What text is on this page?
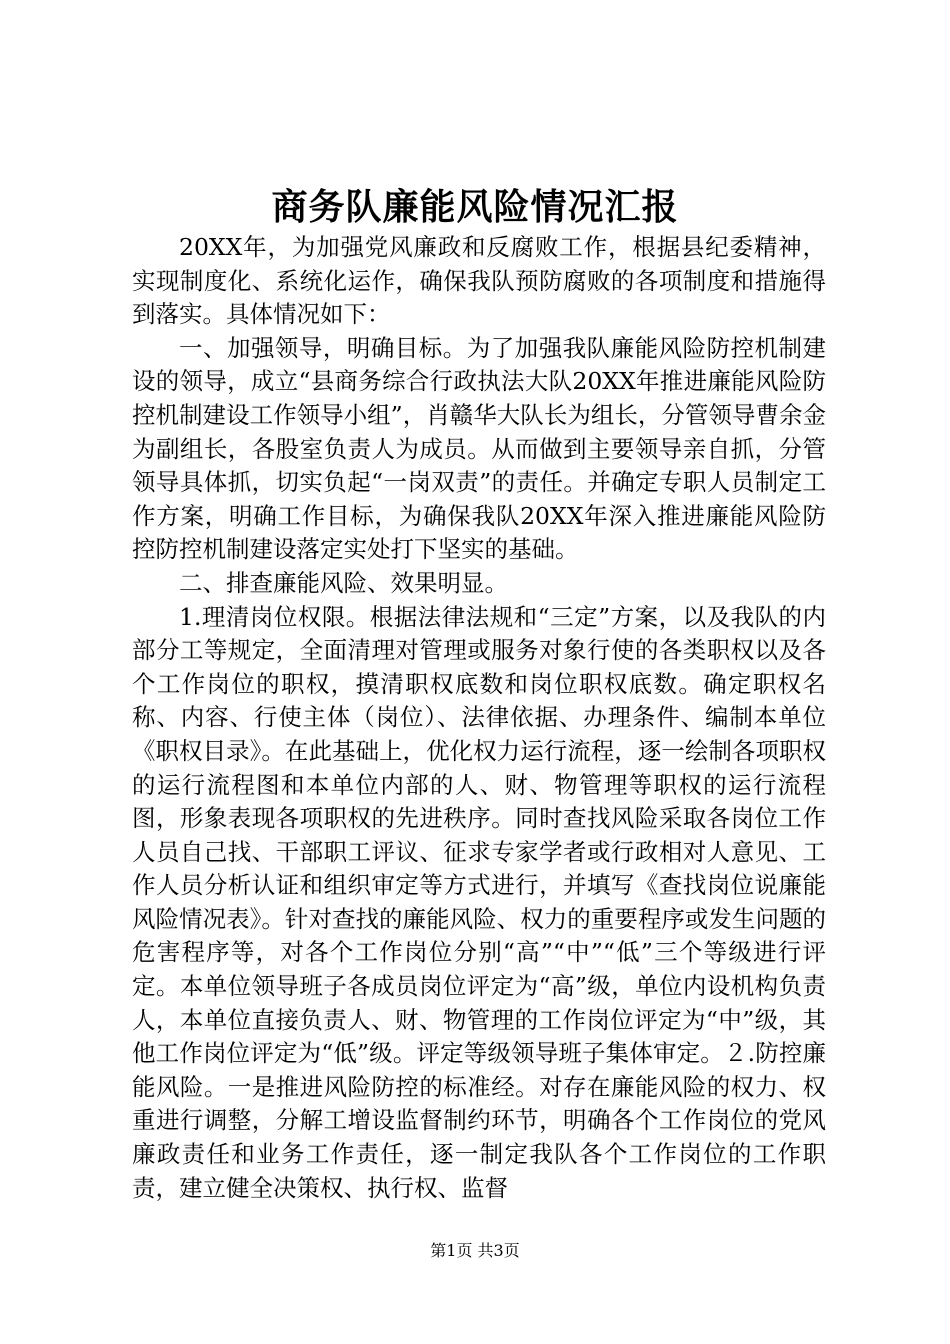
商务队廉能风险情况汇报

20XX年，为加强党风廉政和反腐败工作，根据县纪委精神，实现制度化、系统化运作，确保我队预防腐败的各项制度和措施得到落实。具体情况如下：

一、加强领导，明确目标。为了加强我队廉能风险防控机制建设的领导，成立“县商务综合行政执法大队20XX年推进廉能风险防控机制建设工作领导小组”，肖赣华大队长为组长，分管领导曹余金为副组长，各股室负责人为成员。从而做到主要领导亲自抓，分管领导具体抓，切实负起“一岗双责”的责任。并确定专职人员制定工作方案，明确工作目标，为确保我队20XX年深入推进廉能风险防控防控机制建设落定实处打下坚实的基础。

二、排查廉能风险、效果明显。

1.理清岗位权限。根据法律法规和“三定”方案，以及我队的内部分工等规定，全面清理对管理或服务对象行使的各类职权以及各个工作岗位的职权，摸清职权底数和岗位职权底数。确定职权名称、内容、行使主体（岗位）、法律依据、办理条件、编制本单位《职权目录》。在此基础上，优化权力运行流程，逐一绘制各项职权的运行流程图和本单位内部的人、财、物管理等职权的运行流程图，形象表现各项职权的先进秩序。同时查找风险采取各岗位工作人员自己找、干部职工评议、征求专家学者或行政相对人意见、工作人员分析认证和组织审定等方式进行，并填写《查找岗位说廉能风险情况表》。针对查找的廉能风险、权力的重要程序或发生问题的危害程序等，对各个工作岗位分别“高”“中”“低”三个等级进行评定。本单位领导班子各成员岗位评定为“高”级，单位内设机构负责人，本单位直接负责人、财、物管理的工作岗位评定为“中”级，其他工作岗位评定为“低”级。评定等级领导班子集体审定。２.防控廉能风险。一是推进风险防控的标准经。对存在廉能风险的权力、权重进行调整，分解工增设监督制约环节，明确各个工作岗位的党风廉政责任和业务工作责任，逐一制定我队各个工作岗位的工作职责，建立健全决策权、执行权、监督

第1页 共3页
